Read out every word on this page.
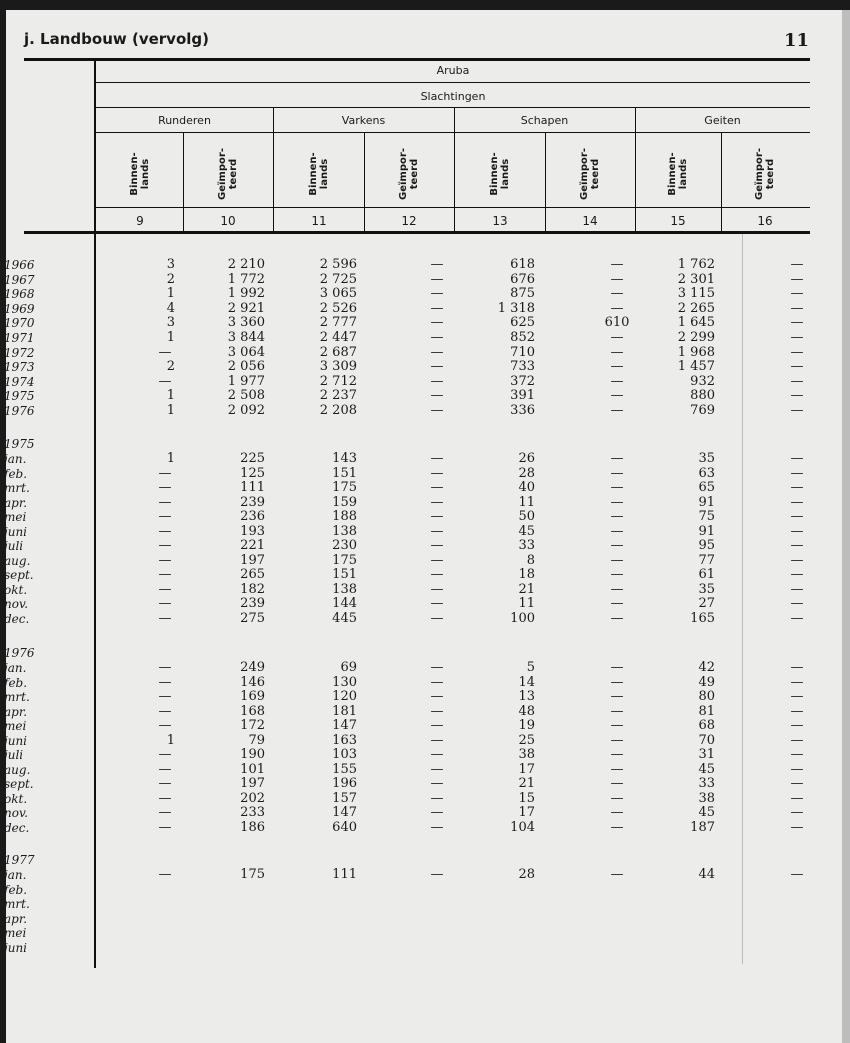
j. Landbouw (vervolg)	11
Aruba
Slachtingen
Runderen	Varkens	Schapen	Geiten
Binnen-
lands	Geïmpor-
teerd	Binnen-
lands	Geïmpor-
teerd	Binnen-
lands	Geïmpor-
teerd	Binnen-
lands	Geïmpor-
teerd
9	10	11	12	13	14	15	16
1966	3	2 210	2 596	—	618	—	1 762	—
1967	2	1 772	2 725	—	676	—	2 301	—
1968	1	1 992	3 065	—	875	—	3 115	—
1969	4	2 921	2 526	—	1 318	—	2 265	—
1970	3	3 360	2 777	—	625	610	1 645	—
1971	1	3 844	2 447	—	852	—	2 299	—
1972	—	3 064	2 687	—	710	—	1 968	—
1973	2	2 056	3 309	—	733	—	1 457	—
1974	—	1 977	2 712	—	372	—	932	—
1975	1	2 508	2 237	—	391	—	880	—
1976	1	2 092	2 208	—	336	—	769	—
1975
jan.	1	225	143	—	26	—	35	—
feb.	—	125	151	—	28	—	63	—
mrt.	—	111	175	—	40	—	65	—
apr.	—	239	159	—	11	—	91	—
mei	—	236	188	—	50	—	75	—
juni	—	193	138	—	45	—	91	—
juli	—	221	230	—	33	—	95	—
aug.	—	197	175	—	8	—	77	—
sept.	—	265	151	—	18	—	61	—
okt.	—	182	138	—	21	—	35	—
nov.	—	239	144	—	11	—	27	—
dec.	—	275	445	—	100	—	165	—
1976
jan.	—	249	69	—	5	—	42	—
feb.	—	146	130	—	14	—	49	—
mrt.	—	169	120	—	13	—	80	—
apr.	—	168	181	—	48	—	81	—
mei	—	172	147	—	19	—	68	—
juni	1	79	163	—	25	—	70	—
juli	—	190	103	—	38	—	31	—
aug.	—	101	155	—	17	—	45	—
sept.	—	197	196	—	21	—	33	—
okt.	—	202	157	—	15	—	38	—
nov.	—	233	147	—	17	—	45	—
dec.	—	186	640	—	104	—	187	—
1977
jan.	—	175	111	—	28	—	44	—
feb.
mrt.
apr.
mei
juni
